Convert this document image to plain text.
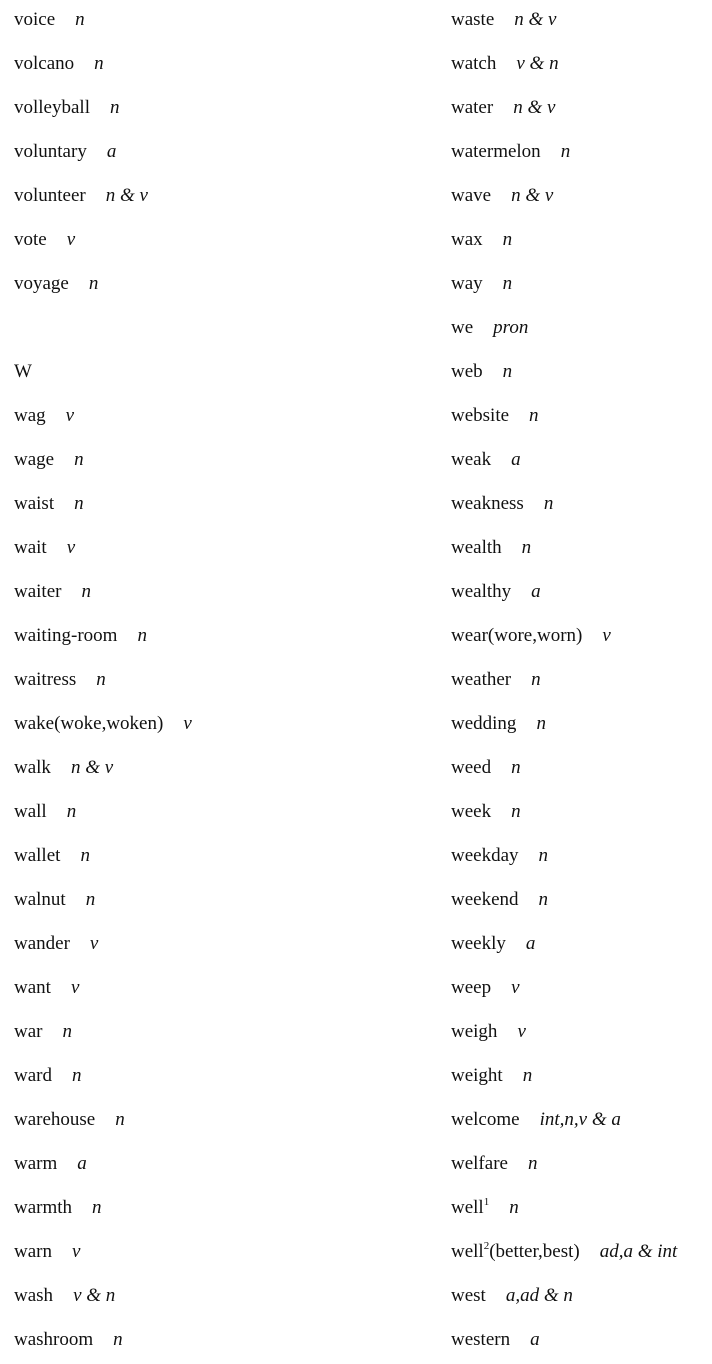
voice n
volcano n
volleyball n
voluntary a
volunteer n & v
vote v
voyage n
W
wag v
wage n
waist n
wait v
waiter n
waiting-room n
waitress n
wake(woke,woken) v
walk n & v
wall n
wallet n
walnut n
wander v
want v
war n
ward n
warehouse n
warm a
warmth n
warn v
wash v & n
washroom n
waste n & v
watch v & n
water n & v
watermelon n
wave n & v
wax n
way n
we pron
web n
website n
weak a
weakness n
wealth n
wealthy a
wear(wore,worn) v
weather n
wedding n
weed n
week n
weekday n
weekend n
weekly a
weep v
weigh v
weight n
welcome int,n,v & a
welfare n
well$^1$ n
well$^2$(better,best) ad,a & int
west a,ad & n
western a
